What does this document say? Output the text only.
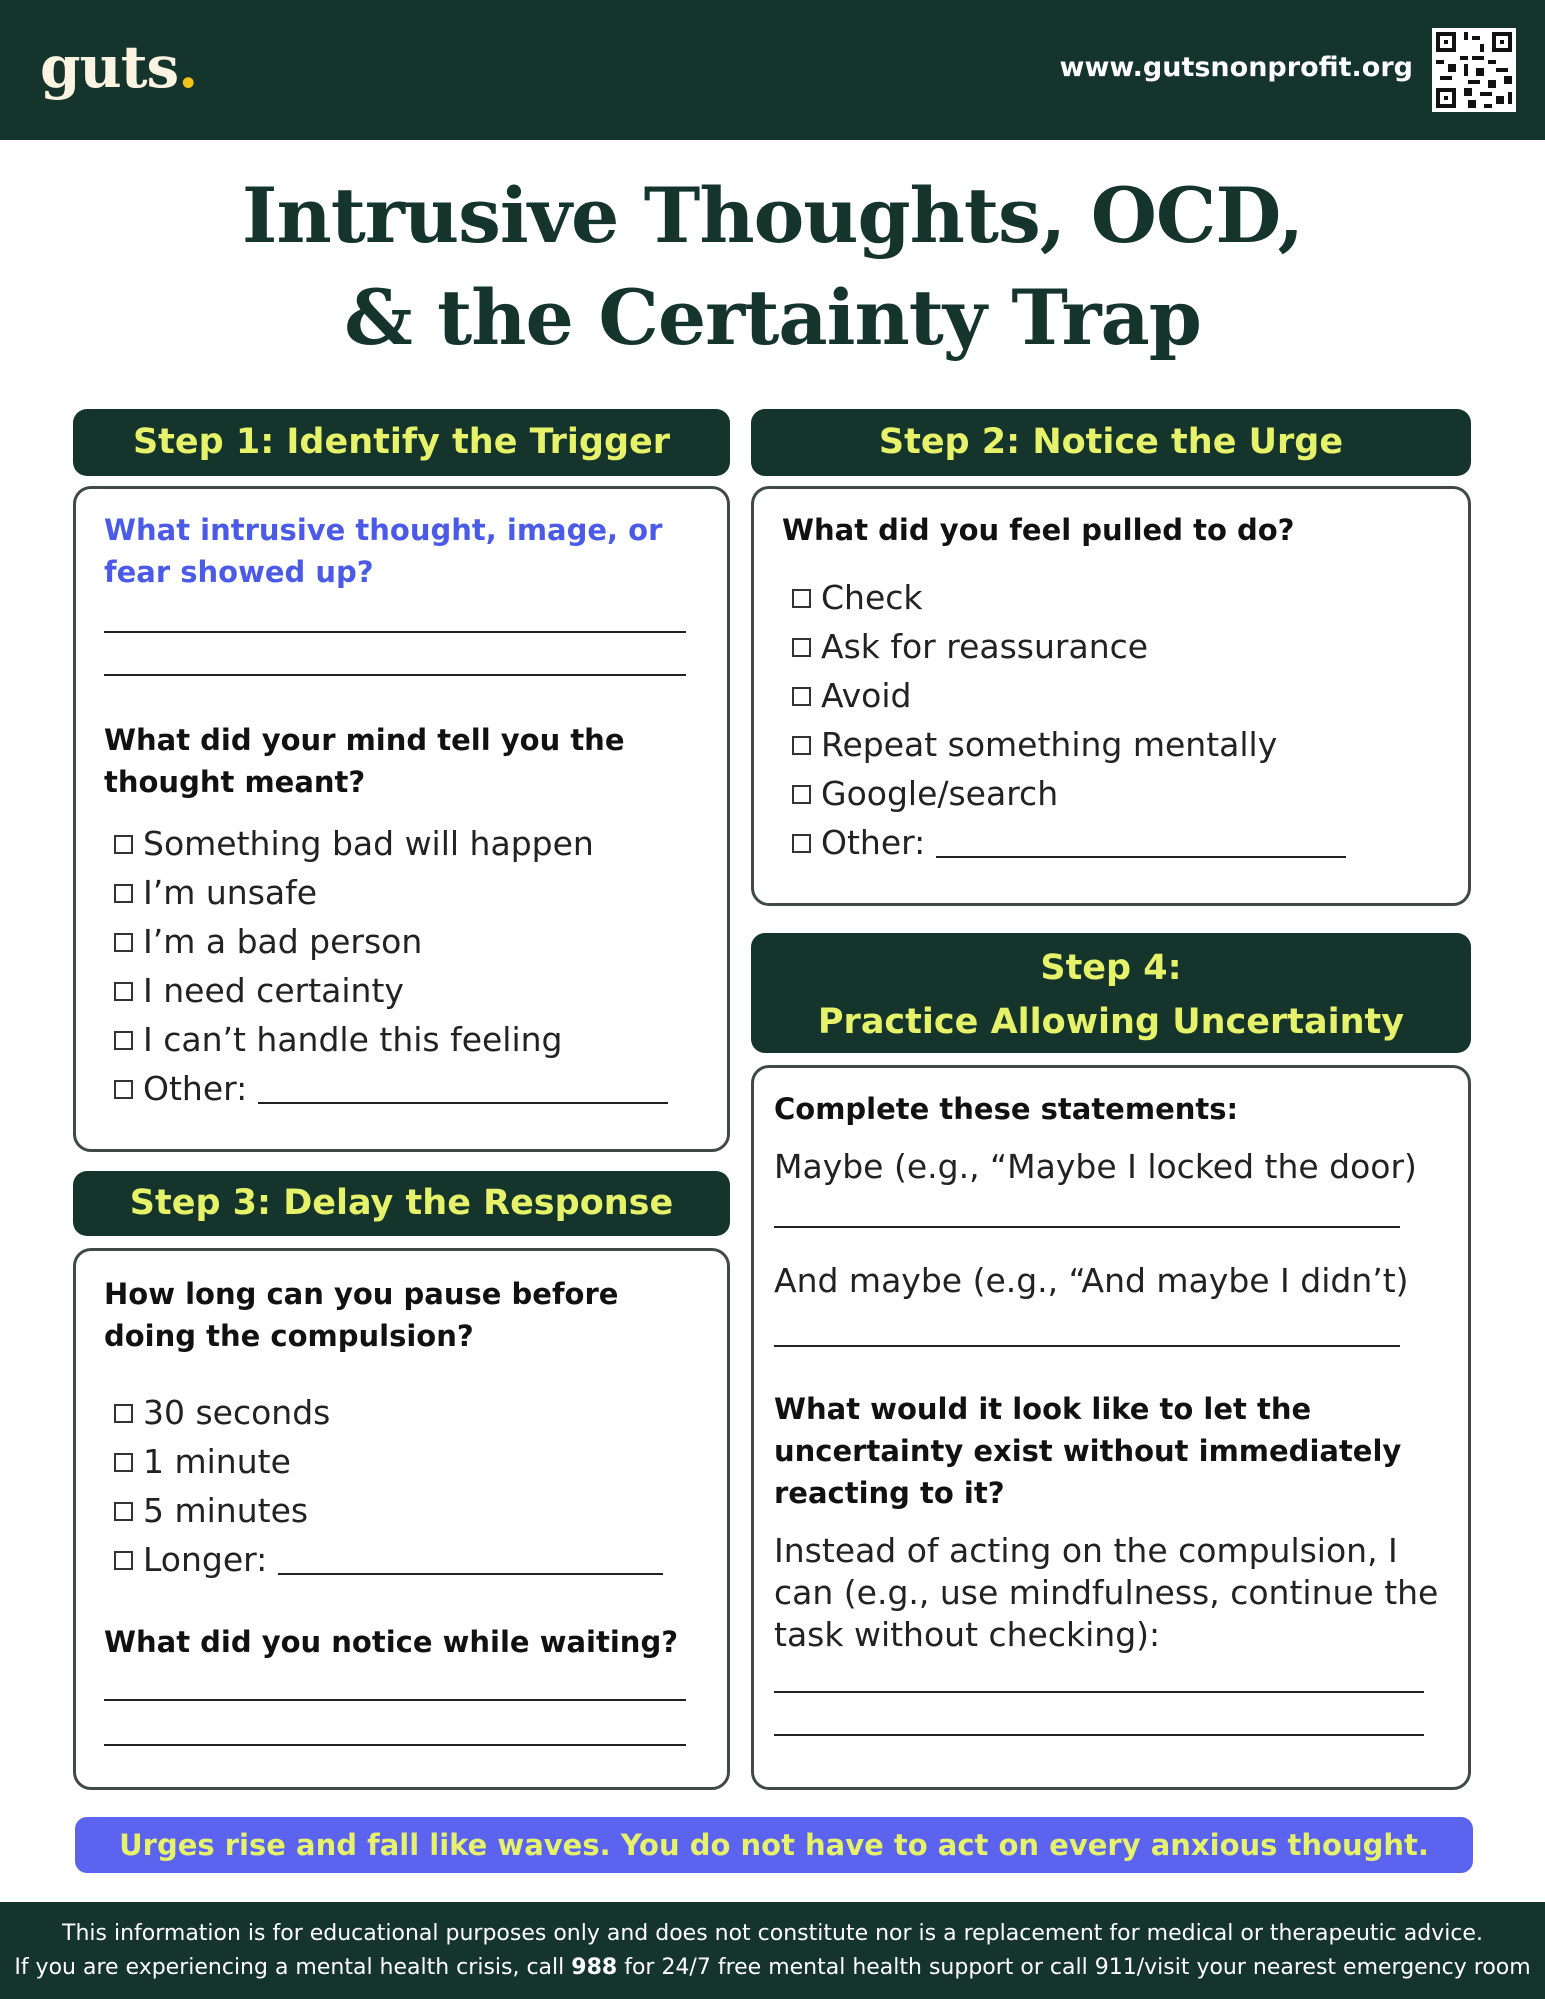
guts.	www.gutsnonprofit.org
Intrusive Thoughts, OCD,
& the Certainty Trap
Step 1: Identify the Trigger
What intrusive thought, image, or fear showed up?
What did your mind tell you the thought meant?
Something bad will happen
I’m unsafe
I’m a bad person
I need certainty
I can’t handle this feeling
Other:
Step 2: Notice the Urge
What did you feel pulled to do?
Check
Ask for reassurance
Avoid
Repeat something mentally
Google/search
Other:
Step 3: Delay the Response
How long can you pause before doing the compulsion?
30 seconds
1 minute
5 minutes
Longer:
What did you notice while waiting?
Step 4:
Practice Allowing Uncertainty
Complete these statements:
Maybe (e.g., “Maybe I locked the door)
And maybe (e.g., “And maybe I didn’t)
What would it look like to let the uncertainty exist without immediately reacting to it?
Instead of acting on the compulsion, I can (e.g., use mindfulness, continue the task without checking):
Urges rise and fall like waves. You do not have to act on every anxious thought.
This information is for educational purposes only and does not constitute nor is a replacement for medical or therapeutic advice.
If you are experiencing a mental health crisis, call 988 for 24/7 free mental health support or call 911/visit your nearest emergency room
